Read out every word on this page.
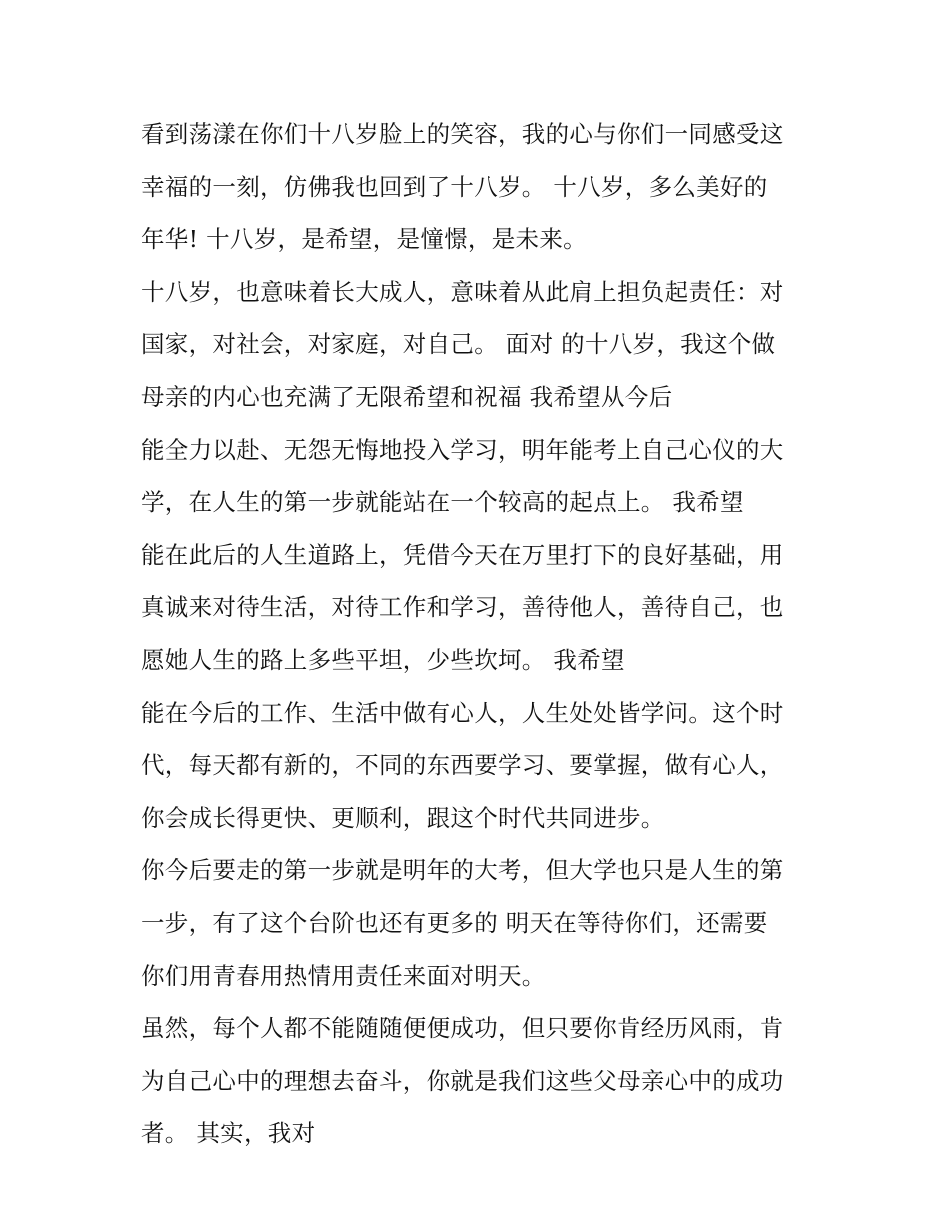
看到荡漾在你们十八岁脸上的笑容，我的心与你们一同感受这
幸福的一刻，仿佛我也回到了十八岁。 十八岁，多么美好的
年华! 十八岁，是希望，是憧憬，是未来。
十八岁，也意味着长大成人，意味着从此肩上担负起责任：对
国家，对社会，对家庭，对自己。 面对 的十八岁，我这个做
母亲的内心也充满了无限希望和祝福 我希望从今后
能全力以赴、无怨无悔地投入学习，明年能考上自己心仪的大
学，在人生的第一步就能站在一个较高的起点上。 我希望
能在此后的人生道路上，凭借今天在万里打下的良好基础，用
真诚来对待生活，对待工作和学习，善待他人，善待自己，也
愿她人生的路上多些平坦，少些坎坷。 我希望
能在今后的工作、生活中做有心人，人生处处皆学问。这个时
代，每天都有新的，不同的东西要学习、要掌握，做有心人，
你会成长得更快、更顺利，跟这个时代共同进步。
你今后要走的第一步就是明年的大考，但大学也只是人生的第
一步，有了这个台阶也还有更多的 明天在等待你们，还需要
你们用青春用热情用责任来面对明天。
虽然，每个人都不能随随便便成功，但只要你肯经历风雨，肯
为自己心中的理想去奋斗，你就是我们这些父母亲心中的成功
者。 其实，我对
